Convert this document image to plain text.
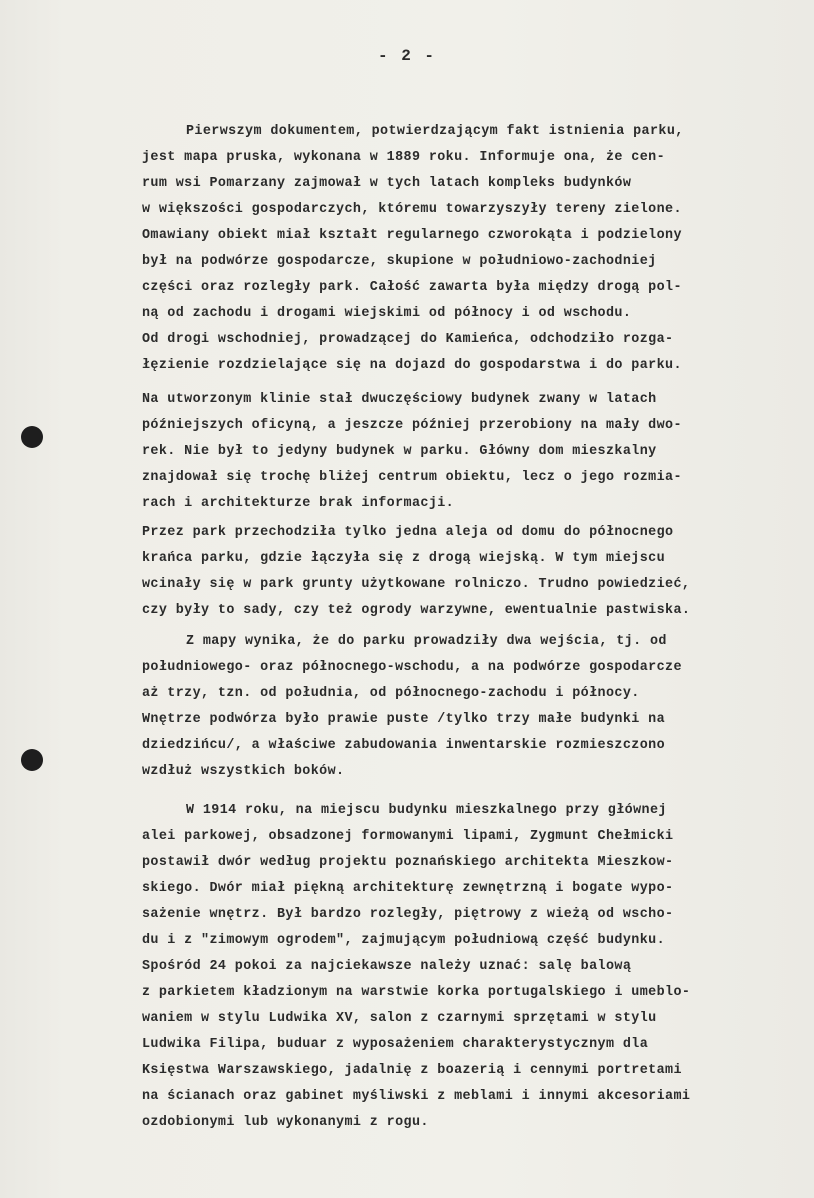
- 2 -
Pierwszym dokumentem, potwierdzającym fakt istnienia parku,
jest mapa pruska, wykonana w 1889 roku. Informuje ona, że cen-
rum wsi Pomarzany zajmował w tych latach kompleks budynków
w większości gospodarczych, któremu towarzyszyły tereny zielone.
Omawiany obiekt miał kształt regularnego czworokąta i podzielony
był na podwórze gospodarcze, skupione w południowo-zachodniej
części oraz rozległy park. Całość zawarta była między drogą pol-
ną od zachodu i drogami wiejskimi od północy i od wschodu.
Od drogi wschodniej, prowadzącej do Kamieńca, odchodziło rozga-
łęzienie rozdzielające się na dojazd do gospodarstwa i do parku.
Na utworzonym klinie stał dwuczęściowy budynek zwany w latach
późniejszych oficyną, a jeszcze później przerobiony na mały dwo-
rek. Nie był to jedyny budynek w parku. Główny dom mieszkalny
znajdował się trochę bliżej centrum obiektu, lecz o jego rozmia-
rach i architekturze brak informacji.
Przez park przechodziła tylko jedna aleja od domu do północnego
krańca parku, gdzie łączyła się z drogą wiejską. W tym miejscu
wcinały się w park grunty użytkowane rolniczo. Trudno powiedzieć,
czy były to sady, czy też ogrody warzywne, ewentualnie pastwiska.
Z mapy wynika, że do parku prowadziły dwa wejścia, tj. od
południowego- oraz północnego-wschodu, a na podwórze gospodarcze
aż trzy, tzn. od południa, od północnego-zachodu i północy.
Wnętrze podwórza było prawie puste /tylko trzy małe budynki na
dziedzińcu/, a właściwe zabudowania inwentarskie rozmieszczono
wzdłuż wszystkich boków.
W 1914 roku, na miejscu budynku mieszkalnego przy głównej
alei parkowej, obsadzonej formowanymi lipami, Zygmunt Chełmicki
postawił dwór według projektu poznańskiego architekta Mieszkow-
skiego. Dwór miał piękną architekturę zewnętrzną i bogate wypo-
sażenie wnętrz. Był bardzo rozległy, piętrowy z wieżą od wscho-
du i z "zimowym ogrodem", zajmującym południową część budynku.
Spośród 24 pokoi za najciekawsze należy uznać: salę balową
z parkietem kładzionym na warstwie korka portugalskiego i umeblo-
waniem w stylu Ludwika XV, salon z czarnymi sprzętami w stylu
Ludwika Filipa, buduar z wyposażeniem charakterystycznym dla
Księstwa Warszawskiego, jadalnię z boazerią i cennymi portretami
na ścianach oraz gabinet myśliwski z meblami i innymi akcesoriami
ozdobionymi lub wykonanymi z rogu.
